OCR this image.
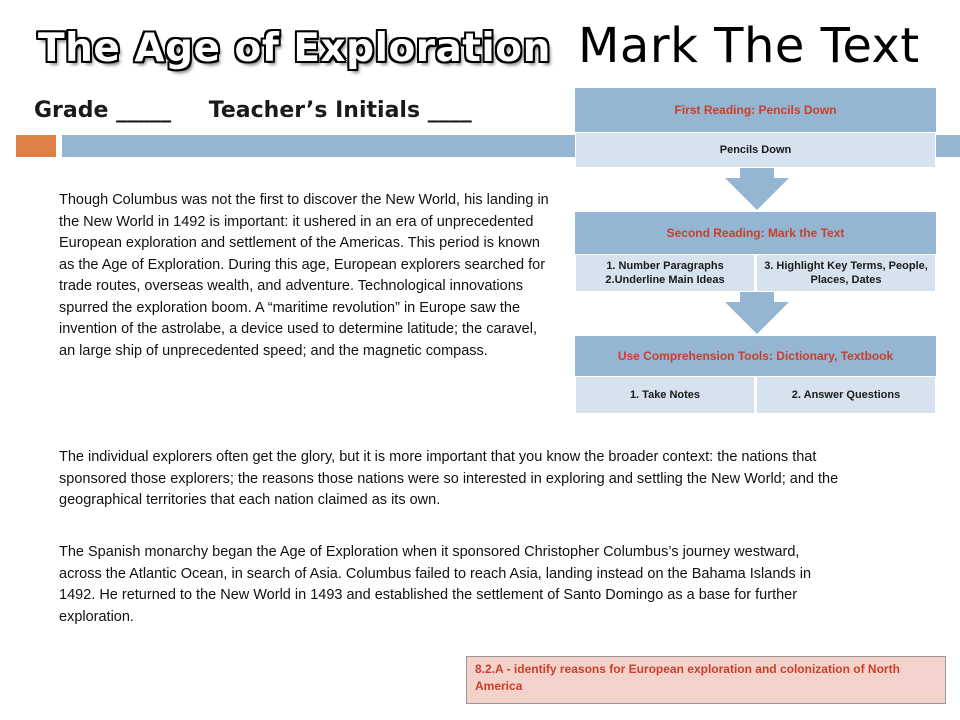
The Age of Exploration Mark The Text
Grade _____ Teacher’s Initials ____	First Reading: Pencils Down
Pencils Down
Second Reading: Mark the Text
1. Number Paragraphs
2.Underline Main Ideas
3. Highlight Key Terms, People, Places, Dates
Use Comprehension Tools: Dictionary, Textbook
1. Take Notes	2. Answer Questions

Though Columbus was not the first to discover the New World, his landing in the New World in 1492 is important: it ushered in an era of unprecedented European exploration and settlement of the Americas. This period is known as the Age of Exploration. During this age, European explorers searched for trade routes, overseas wealth, and adventure. Technological innovations spurred the exploration boom. A “maritime revolution” in Europe saw the invention of the astrolabe, a device used to determine latitude; the caravel, an large ship of unprecedented speed; and the magnetic compass.

The individual explorers often get the glory, but it is more important that you know the broader context: the nations that sponsored those explorers; the reasons those nations were so interested in exploring and settling the New World; and the geographical territories that each nation claimed as its own.

The Spanish monarchy began the Age of Exploration when it sponsored Christopher Columbus’s journey westward, across the Atlantic Ocean, in search of Asia. Columbus failed to reach Asia, landing instead on the Bahama Islands in 1492. He returned to the New World in 1493 and established the settlement of Santo Domingo as a base for further exploration.

8.2.A - identify reasons for European exploration and colonization of North America
